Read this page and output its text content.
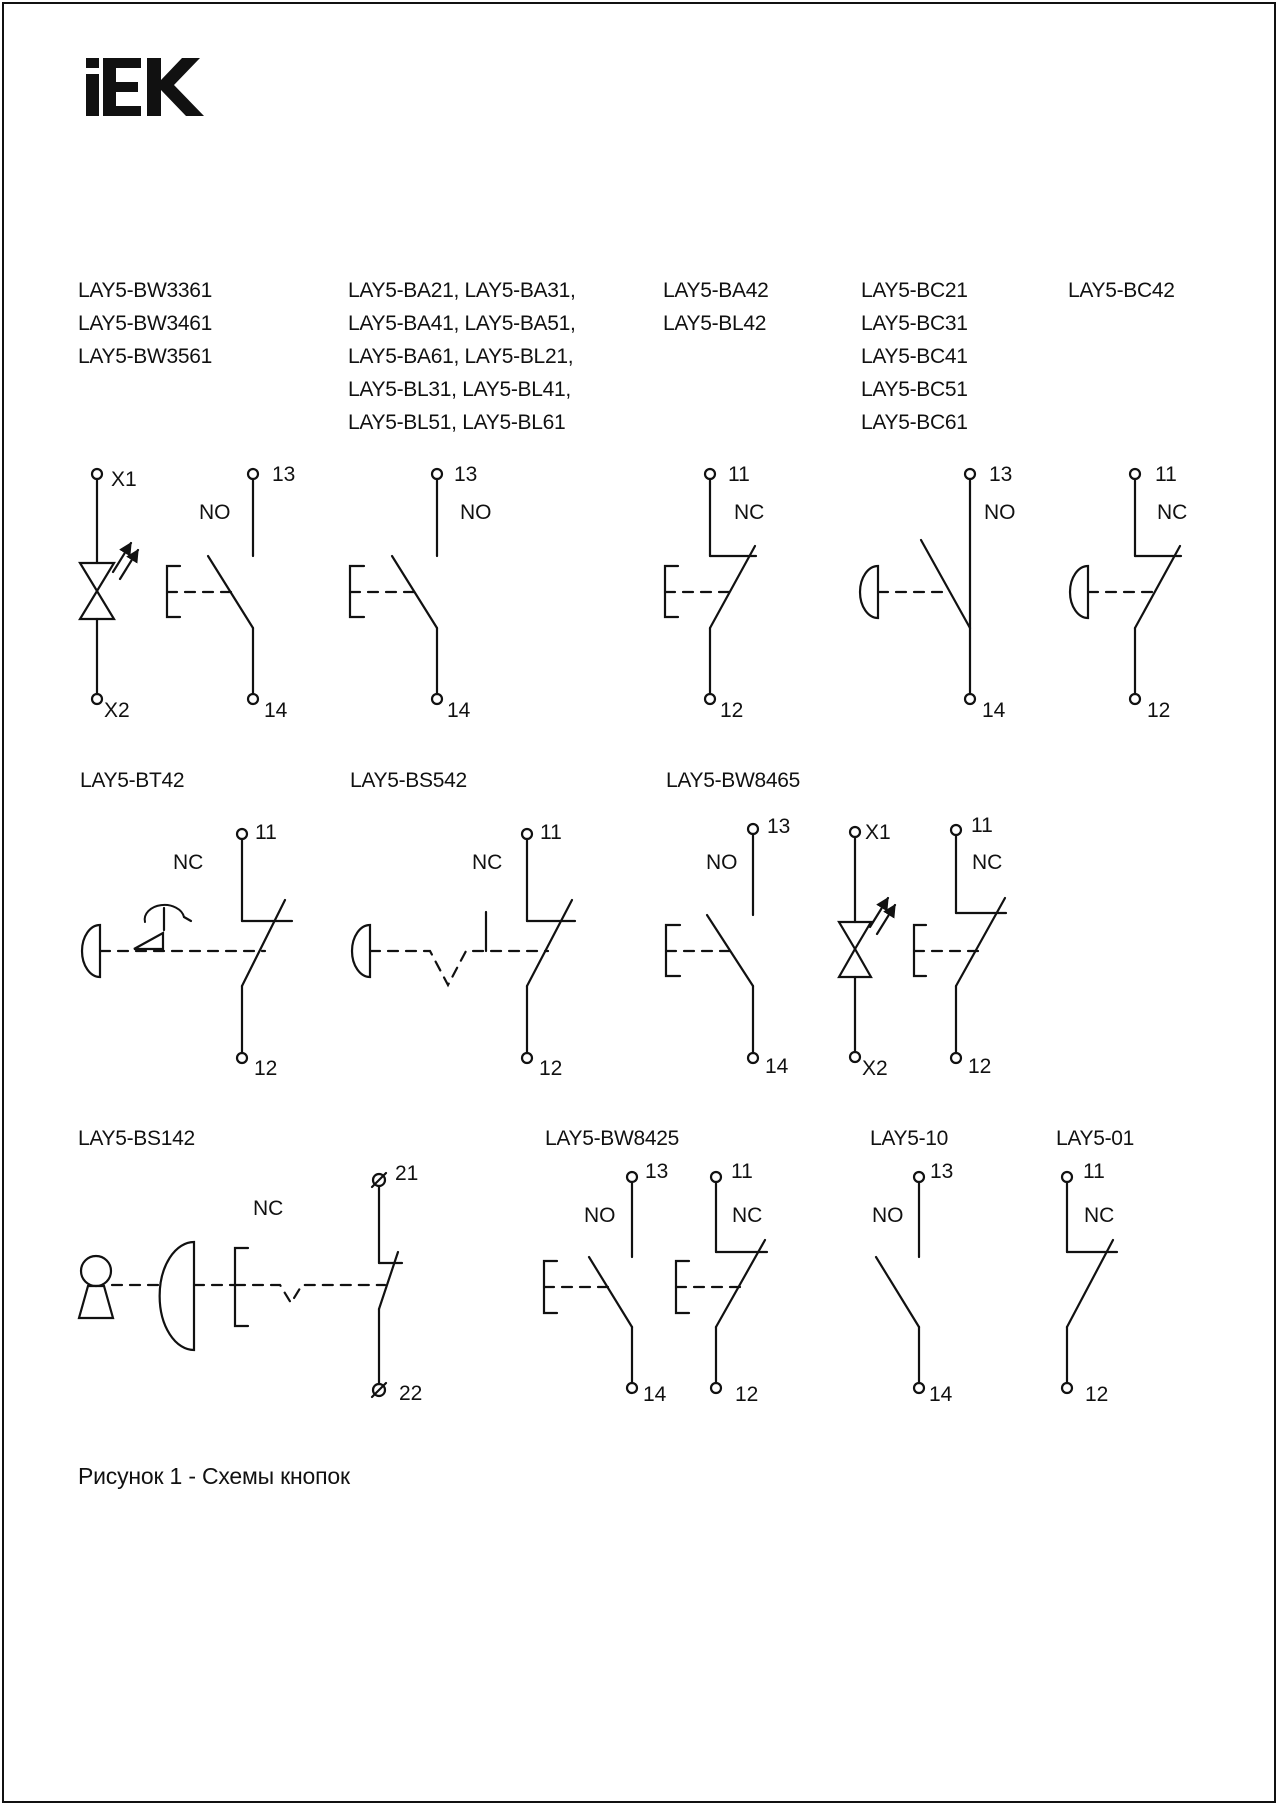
LAY5-BW3361
LAY5-BW3461
LAY5-BW3561
LAY5-BA21, LAY5-BA31,
LAY5-BA41, LAY5-BA51,
LAY5-BA61, LAY5-BL21,
LAY5-BL31, LAY5-BL41,
LAY5-BL51, LAY5-BL61
LAY5-BA42
LAY5-BL42
LAY5-BC21
LAY5-BC31
LAY5-BC41
LAY5-BC51
LAY5-BC61
LAY5-BC42
LAY5-BT42	LAY5-BS542	LAY5-BW8465
LAY5-BS142	LAY5-BW8425	LAY5-10	LAY5-01
X1
X2
13
NO
14
13
NO
14
11
NC
12
13
NO
14
11
NC
12
NC
11
12
NC
11
12
NO
13
14
X1
X2
NC
11
12
NC
21
22
NO
13
14
NC
11
12
NO
13
14
NC
11
12
Рисунок 1 - Схемы кнопок
